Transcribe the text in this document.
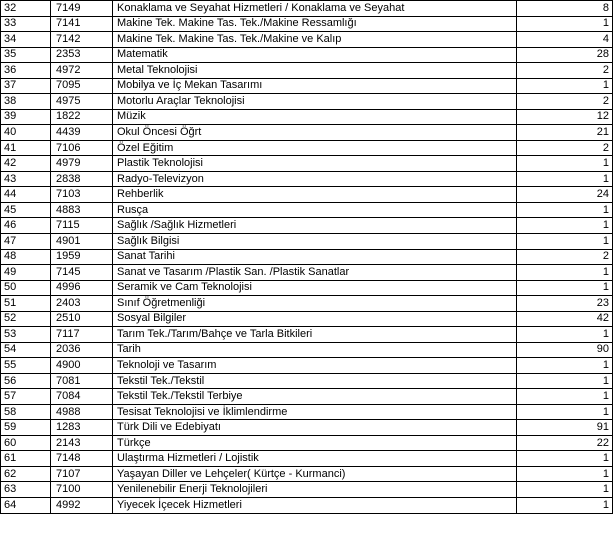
32	7149	Konaklama ve Seyahat Hizmetleri / Konaklama ve Seyahat	8
33	7141	Makine Tek. Makine Tas. Tek./Makine Ressamlığı	1
34	7142	Makine Tek. Makine Tas. Tek./Makine ve Kalıp	4
35	2353	Matematik	28
36	4972	Metal Teknolojisi	2
37	7095	Mobilya ve İç Mekan Tasarımı	1
38	4975	Motorlu Araçlar Teknolojisi	2
39	1822	Müzik	12
40	4439	Okul Öncesi Öğrt	21
41	7106	Özel Eğitim	2
42	4979	Plastik Teknolojisi	1
43	2838	Radyo-Televizyon	1
44	7103	Rehberlik	24
45	4883	Rusça	1
46	7115	Sağlık /Sağlık Hizmetleri	1
47	4901	Sağlık Bilgisi	1
48	1959	Sanat Tarihi	2
49	7145	Sanat ve Tasarım /Plastik San. /Plastik Sanatlar	1
50	4996	Seramik ve Cam Teknolojisi	1
51	2403	Sınıf Öğretmenliği	23
52	2510	Sosyal Bilgiler	42
53	7117	Tarım Tek./Tarım/Bahçe ve Tarla Bitkileri	1
54	2036	Tarih	90
55	4900	Teknoloji ve Tasarım	1
56	7081	Tekstil Tek./Tekstil	1
57	7084	Tekstil Tek./Tekstil Terbiye	1
58	4988	Tesisat Teknolojisi ve İklimlendirme	1
59	1283	Türk Dili ve Edebiyatı	91
60	2143	Türkçe	22
61	7148	Ulaştırma Hizmetleri / Lojistik	1
62	7107	Yaşayan Diller ve Lehçeler( Kürtçe - Kurmanci)	1
63	7100	Yenilenebilir Enerji Teknolojileri	1
64	4992	Yiyecek İçecek Hizmetleri	1
